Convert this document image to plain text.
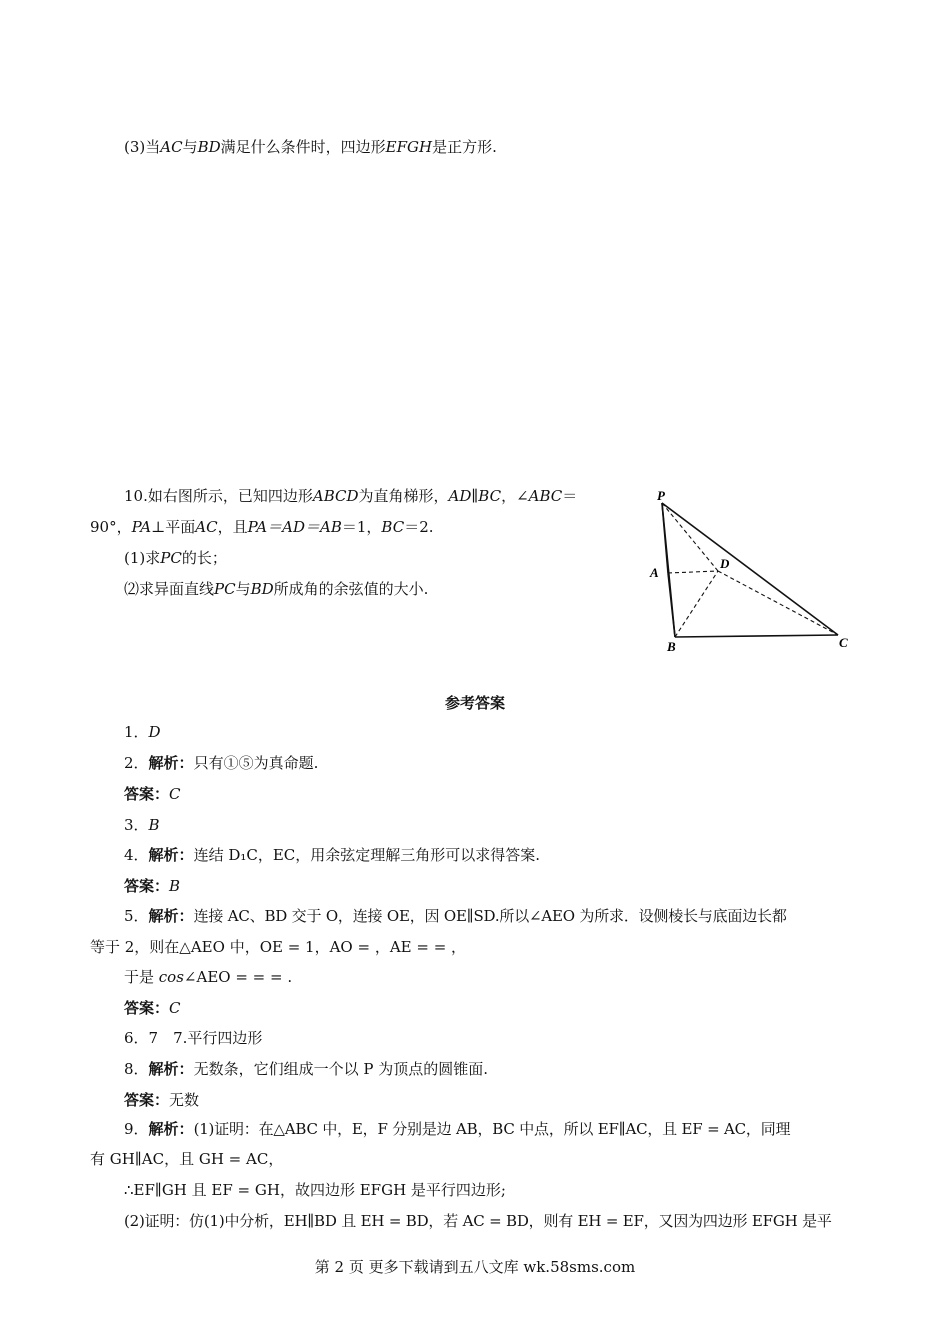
(3)当AC与BD满足什么条件时，四边形EFGH是正方形.
10.如右图所示，已知四边形ABCD为直角梯形，AD∥BC，∠ABC＝
90°，PA⊥平面AC，且PA＝AD＝AB＝1，BC＝2.
(1)求PC的长；
⑵求异面直线PC与BD所成角的余弦值的大小.
P
A
D
B	C
参考答案
1．D
2．解析：只有①⑤为真命题.
答案：C
3．B
4．解析：连结 D₁C，EC，用余弦定理解三角形可以求得答案.
答案：B
5．解析：连接 AC、BD 交于 O，连接 OE，因 OE∥SD.所以∠AEO 为所求．设侧棱长与底面边长都
等于 2，则在△AEO 中，OE = 1，AO = ，AE = = ，
于是 cos∠AEO = = = .
答案：C
6．7　7.平行四边形
8．解析：无数条，它们组成一个以 P 为顶点的圆锥面.
答案：无数
9．解析：(1)证明：在△ABC 中，E，F 分别是边 AB，BC 中点，所以 EF∥AC，且 EF = AC，同理
有 GH∥AC，且 GH = AC，
∴EF∥GH 且 EF = GH，故四边形 EFGH 是平行四边形;
(2)证明：仿(1)中分析，EH∥BD 且 EH = BD，若 AC = BD，则有 EH = EF，又因为四边形 EFGH 是平
第 2 页 更多下载请到五八文库 wk.58sms.com
